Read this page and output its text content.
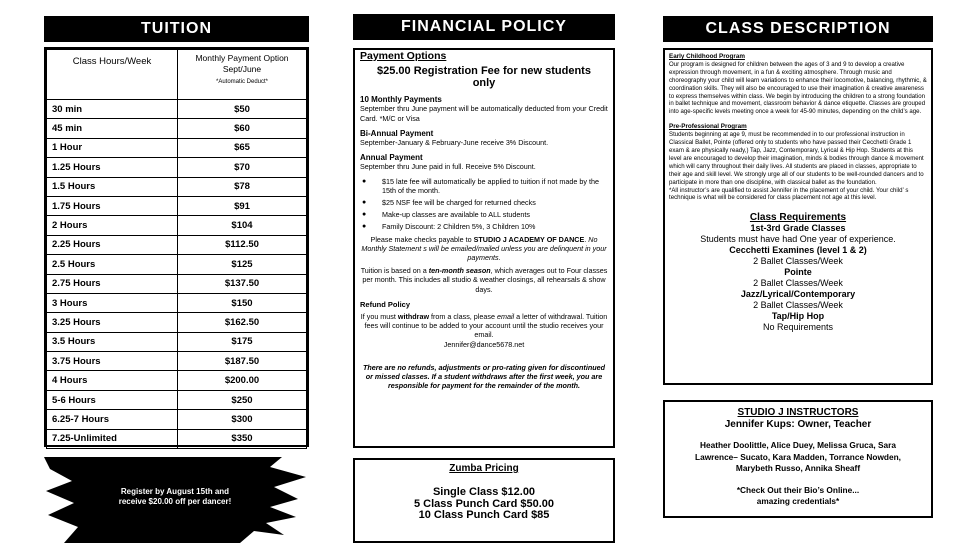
TUITION
Class Hours/Week	Monthly Payment Option
Sept/June
*Automatic Deduct*

30 min	$50
45 min	$60
1 Hour	$65
1.25 Hours	$70
1.5 Hours	$78
1.75 Hours	$91
2 Hours	$104
2.25 Hours	$112.50
2.5 Hours	$125
2.75 Hours	$137.50
3 Hours	$150
3.25 Hours	$162.50
3.5 Hours	$175
3.75 Hours	$187.50
4 Hours	$200.00
5-6 Hours	$250
6.25-7 Hours	$300
7.25-Unlimited	$350
Register by August 15th and
receive $20.00 off per dancer!
FINANCIAL POLICY
Payment Options
$25.00 Registration Fee for new students only
10 Monthly Payments
September thru June payment will be automatically deducted from your Credit Card. *M/C or Visa
Bi-Annual Payment
September-January & February-June receive 3% Discount.
Annual Payment
September thru June paid in full. Receive 5% Discount.
● $15 late fee will automatically be applied to tuition if not made by the 15th of the month.
● $25 NSF fee will be charged for returned checks
● Make-up classes are available to ALL students
● Family Discount: 2 Children 5%, 3 Children 10%
Please make checks payable to STUDIO J ACADEMY OF DANCE. No Monthly Statement s will be emailed/mailed unless you are delinquent in your payments.
Tuition is based on a ten-month season, which averages out to Four classes per month. This includes all studio & weather closings, all rehearsals & show days.
Refund Policy
If you must withdraw from a class, please email a letter of withdrawal. Tuition fees will continue to be added to your account until the studio receives your email.
Jennifer@dance5678.net
There are no refunds, adjustments or pro-rating given for discontinued or missed classes. If a student withdraws after the first week, you are responsible for payment for the remainder of the month.
Zumba Pricing
Single Class $12.00
5 Class Punch Card $50.00
10 Class Punch Card $85
CLASS DESCRIPTION
Early Childhood Program
Our program is designed for children between the ages of 3 and 9 to develop a creative expression through movement, in a fun & exciting atmosphere. Through music and choreography your child will learn variations to enhance their locomotive, balancing, rhythmic, & coordination skills. They will also be encouraged to use their imagination & creative awareness to express themselves within class. We begin by introducing the children to a strong foundation in ballet technique and movement, classroom behavior & dance etiquette. Classes are grouped into age-specific levels meeting once a week for 45-90 minutes, depending on the child’s age.
Pre-Professional Program
Students beginning at age 9, must be recommended in to our professional instruction in Classical Ballet, Pointe (offered only to students who have passed their Cecchetti Grade 1 exam & are physically ready,) Tap, Jazz, Contemporary, Lyrical & Hip Hop. Students at this level are encouraged to develop their imagination, minds & bodies through dance & movement which will carry throughout their daily lives. All students are placed in classes, appropriate to their age and skill level. We strongly urge all of our students to be well-rounded dancers and to participate in more than one discipline, with classical ballet as the foundation.
*All instructor’s are qualified to assist Jennifer in the placement of your child. Your child’ s technique is what will be considered for class placement not age at this level.
Class Requirements
1st-3rd Grade Classes
Students must have had One year of experience.
Cecchetti Examines (level 1 & 2)
2 Ballet Classes/Week
Pointe
2 Ballet Classes/Week
Jazz/Lyrical/Contemporary
2 Ballet Classes/Week
Tap/Hip Hop
No Requirements
STUDIO J INSTRUCTORS
Jennifer Kups: Owner, Teacher
Heather Doolittle, Alice Duey, Melissa Gruca, Sara Lawrence– Sucato, Kara Madden, Torrance Nowden, Marybeth Russo, Annika Sheaff
*Check Out their Bio’s Online...
amazing credentials*
